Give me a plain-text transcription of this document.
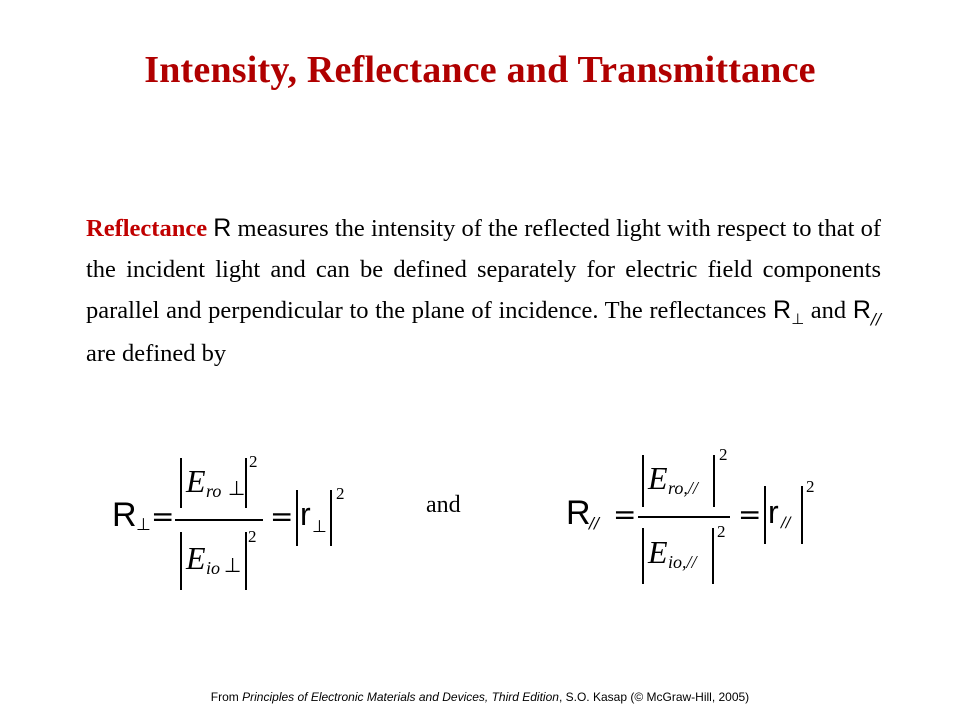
Intensity, Reflectance and Transmittance
Reflectance R measures the intensity of the reflected light with respect to that of the incident light and can be defined separately for electric field components parallel and perpendicular to the plane of incidence. The reflectances $R_\perp$ and $R_{//}$ are defined by
R ⊥ =
E ro ⊥
2
E io ⊥
2
= r ⊥
2	and	R
// =
E ro,//
2
E io,//
2
= r //
2
From Principles of Electronic Materials and Devices, Third Edition, S.O. Kasap (© McGraw-Hill, 2005)
